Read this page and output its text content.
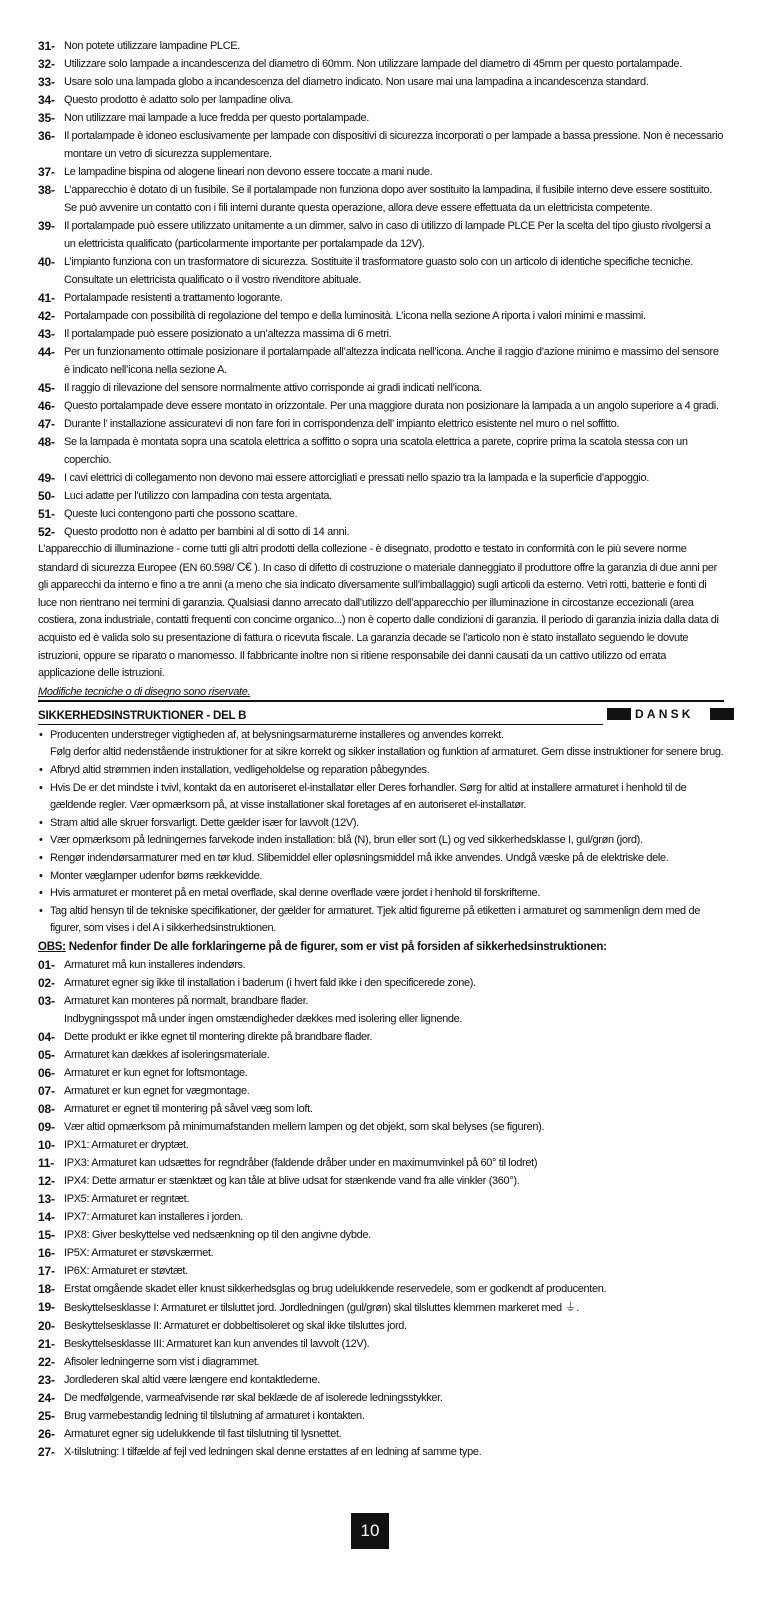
31- Non potete utilizzare lampadine PLCE.
32- Utilizzare solo lampade a incandescenza del diametro di 60mm. Non utilizzare lampade del diametro di 45mm per questo portalampade.
33- Usare solo una lampada globo a incandescenza del diametro indicato. Non usare mai una lampadina a incandescenza standard.
34- Questo prodotto è adatto solo per lampadine oliva.
35- Non utilizzare mai lampade a luce fredda per questo portalampade.
36- Il portalampade è idoneo esclusivamente per lampade con dispositivi di sicurezza incorporati o per lampade a bassa pressione. Non è necessario montare un vetro di sicurezza supplementare.
37- Le lampadine bispina od alogene lineari non devono essere toccate a mani nude.
38- L’apparecchio è dotato di un fusibile. Se il portalampade non funziona dopo aver sostituito la lampadina, il fusibile interno deve essere sostituito. Se può avvenire un contatto con i fili interni durante questa operazione, allora deve essere effettuata da un elettricista competente.
39- Il portalampade può essere utilizzato unitamente a un dimmer, salvo in caso di utilizzo di lampade PLCE Per la scelta del tipo giusto rivolgersi a un elettricista qualificato (particolarmente importante per portalampade da 12V).
40- L’impianto funziona con un trasformatore di sicurezza. Sostituite il trasformatore guasto solo con un articolo di identiche specifiche tecniche. Consultate un elettricista qualificato o il vostro rivenditore abituale.
41- Portalampade resistenti a trattamento logorante.
42- Portalampade con possibilità di regolazione del tempo e della luminosità. L’icona nella sezione A riporta i valori minimi e massimi.
43- Il portalampade può essere posizionato a un’altezza massima di 6 metri.
44- Per un funzionamento ottimale posizionare il portalampade all’altezza indicata nell’icona. Anche il raggio d’azione minimo e massimo del sensore è indicato nell’icona nella sezione A.
45- Il raggio di rilevazione del sensore normalmente attivo corrisponde ai gradi indicati nell’icona.
46- Questo portalampade deve essere montato in orizzontale. Per una maggiore durata non posizionare la lampada a un angolo superiore a 4 gradi.
47- Durante l’ installazione assicuratevi di non fare fori in corrispondenza dell’ impianto elettrico esistente nel muro o nel soffitto.
48- Se la lampada è montata sopra una scatola elettrica a soffitto o sopra una scatola elettrica a parete, coprire prima la scatola stessa con un coperchio.
49- I cavi elettrici di collegamento non devono mai essere attorcigliati e pressati nello spazio tra la lampada e la superficie d’appoggio.
50- Luci adatte per l’utilizzo con lampadina con testa argentata.
51- Queste luci contengono parti che possono scattare.
52- Questo prodotto non è adatto per bambini al di sotto di 14 anni.
L’apparecchio di illuminazione - come tutti gli altri prodotti della collezione - è disegnato, prodotto e testato in conformità con le più severe norme standard di sicurezza Europee (EN 60.598/ C€ ). In caso di difetto di costruzione o materiale danneggiato il produttore offre la garanzia di due anni per gli apparecchi da interno e fino a tre anni (a meno che sia indicato diversamente sull’imballaggio) sugli articoli da esterno. Vetri rotti, batterie e fonti di luce non rientrano nei termini di garanzia. Qualsiasi danno arrecato dall’utilizzo dell’apparecchio per illuminazione in circostanze eccezionali (area costiera, zona industriale, contatti frequenti con concime organico...) non è coperto dalle condizioni di garanzia. Il periodo di garanzia inizia dalla data di acquisto ed è valida solo su presentazione di fattura o ricevuta fiscale. La garanzia decade se l’articolo non è stato installato seguendo le dovute istruzioni, oppure se riparato o manomesso. Il fabbricante inoltre non si ritiene responsabile dei danni causati da un cattivo utilizzo od errata applicazione delle istruzioni.
Modifiche tecniche o di disegno sono riservate.
SIKKERHEDSINSTRUKTIONER - DEL B	DANSK
• Producenten understreger vigtigheden af, at belysningsarmaturerne installeres og anvendes korrekt.
Følg derfor altid nedenstående instruktioner for at sikre korrekt og sikker installation og funktion af armaturet. Gem disse instruktioner for senere brug.
• Afbryd altid strømmen inden installation, vedligeholdelse og reparation påbegyndes.
• Hvis De er det mindste i tvivl, kontakt da en autoriseret el-installatør eller Deres forhandler. Sørg for altid at installere armaturet i henhold til de gældende regler. Vær opmærksom på, at visse installationer skal foretages af en autoriseret el-installatør.
• Stram altid alle skruer forsvarligt. Dette gælder især for lavvolt (12V).
• Vær opmærksom på ledningernes farvekode inden installation: blå (N), brun eller sort (L) og ved sikkerhedsklasse I, gul/grøn (jord).
• Rengør indendørsarmaturer med en tør klud. Slibemiddel eller opløsningsmiddel må ikke anvendes. Undgå væske på de elektriske dele.
• Monter væglamper udenfor børns rækkevidde.
• Hvis armaturet er monteret på en metal overflade, skal denne overflade være jordet i henhold til forskrifterne.
• Tag altid hensyn til de tekniske specifikationer, der gælder for armaturet. Tjek altid figurerne på etiketten i armaturet og sammenlign dem med de figurer, som vises i del A i sikkerhedsinstruktionen.
OBS: Nedenfor finder De alle forklaringerne på de figurer, som er vist på forsiden af sikkerhedsinstruktionen:
01- Armaturet må kun installeres indendørs.
02- Armaturet egner sig ikke til installation i baderum (i hvert fald ikke i den specificerede zone).
03- Armaturet kan monteres på normalt, brandbare flader.
Indbygningsspot må under ingen omstændigheder dækkes med isolering eller lignende.
04- Dette produkt er ikke egnet til montering direkte på brandbare flader.
05- Armaturet kan dækkes af isoleringsmateriale.
06- Armaturet er kun egnet for loftsmontage.
07- Armaturet er kun egnet for vægmontage.
08- Armaturet er egnet til montering på såvel væg som loft.
09- Vær altid opmærksom på minimumafstanden mellem lampen og det objekt, som skal belyses (se figuren).
10- IPX1: Armaturet er dryptæt.
11- IPX3: Armaturet kan udsættes for regndråber (faldende dråber under en maximumvinkel på 60° til lodret)
12- IPX4: Dette armatur er stænktæt og kan tåle at blive udsat for stænkende vand fra alle vinkler (360°).
13- IPX5: Armaturet er regntæt.
14- IPX7: Armaturet kan installeres i jorden.
15- IPX8: Giver beskyttelse ved nedsænkning op til den angivne dybde.
16- IP5X: Armaturet er støvskærmet.
17- IP6X: Armaturet er støvtæt.
18- Erstat omgående skadet eller knust sikkerhedsglas og brug udelukkende reservedele, som er godkendt af producenten.
19- Beskyttelsesklasse I: Armaturet er tilsluttet jord. Jordledningen (gul/grøn) skal tilsluttes klemmen markeret med ⏚.
20- Beskyttelsesklasse II: Armaturet er dobbeltisoleret og skal ikke tilsluttes jord.
21- Beskyttelsesklasse III: Armaturet kan kun anvendes til lavvolt (12V).
22- Afisoler ledningerne som vist i diagrammet.
23- Jordlederen skal altid være længere end kontaktlederne.
24- De medfølgende, varmeafvisende rør skal beklæde de af isolerede ledningsstykker.
25- Brug varmebestandig ledning til tilslutning af armaturet i kontakten.
26- Armaturet egner sig udelukkende til fast tilslutning til lysnettet.
27- X-tilslutning: I tilfælde af fejl ved ledningen skal denne erstattes af en ledning af samme type.
10
